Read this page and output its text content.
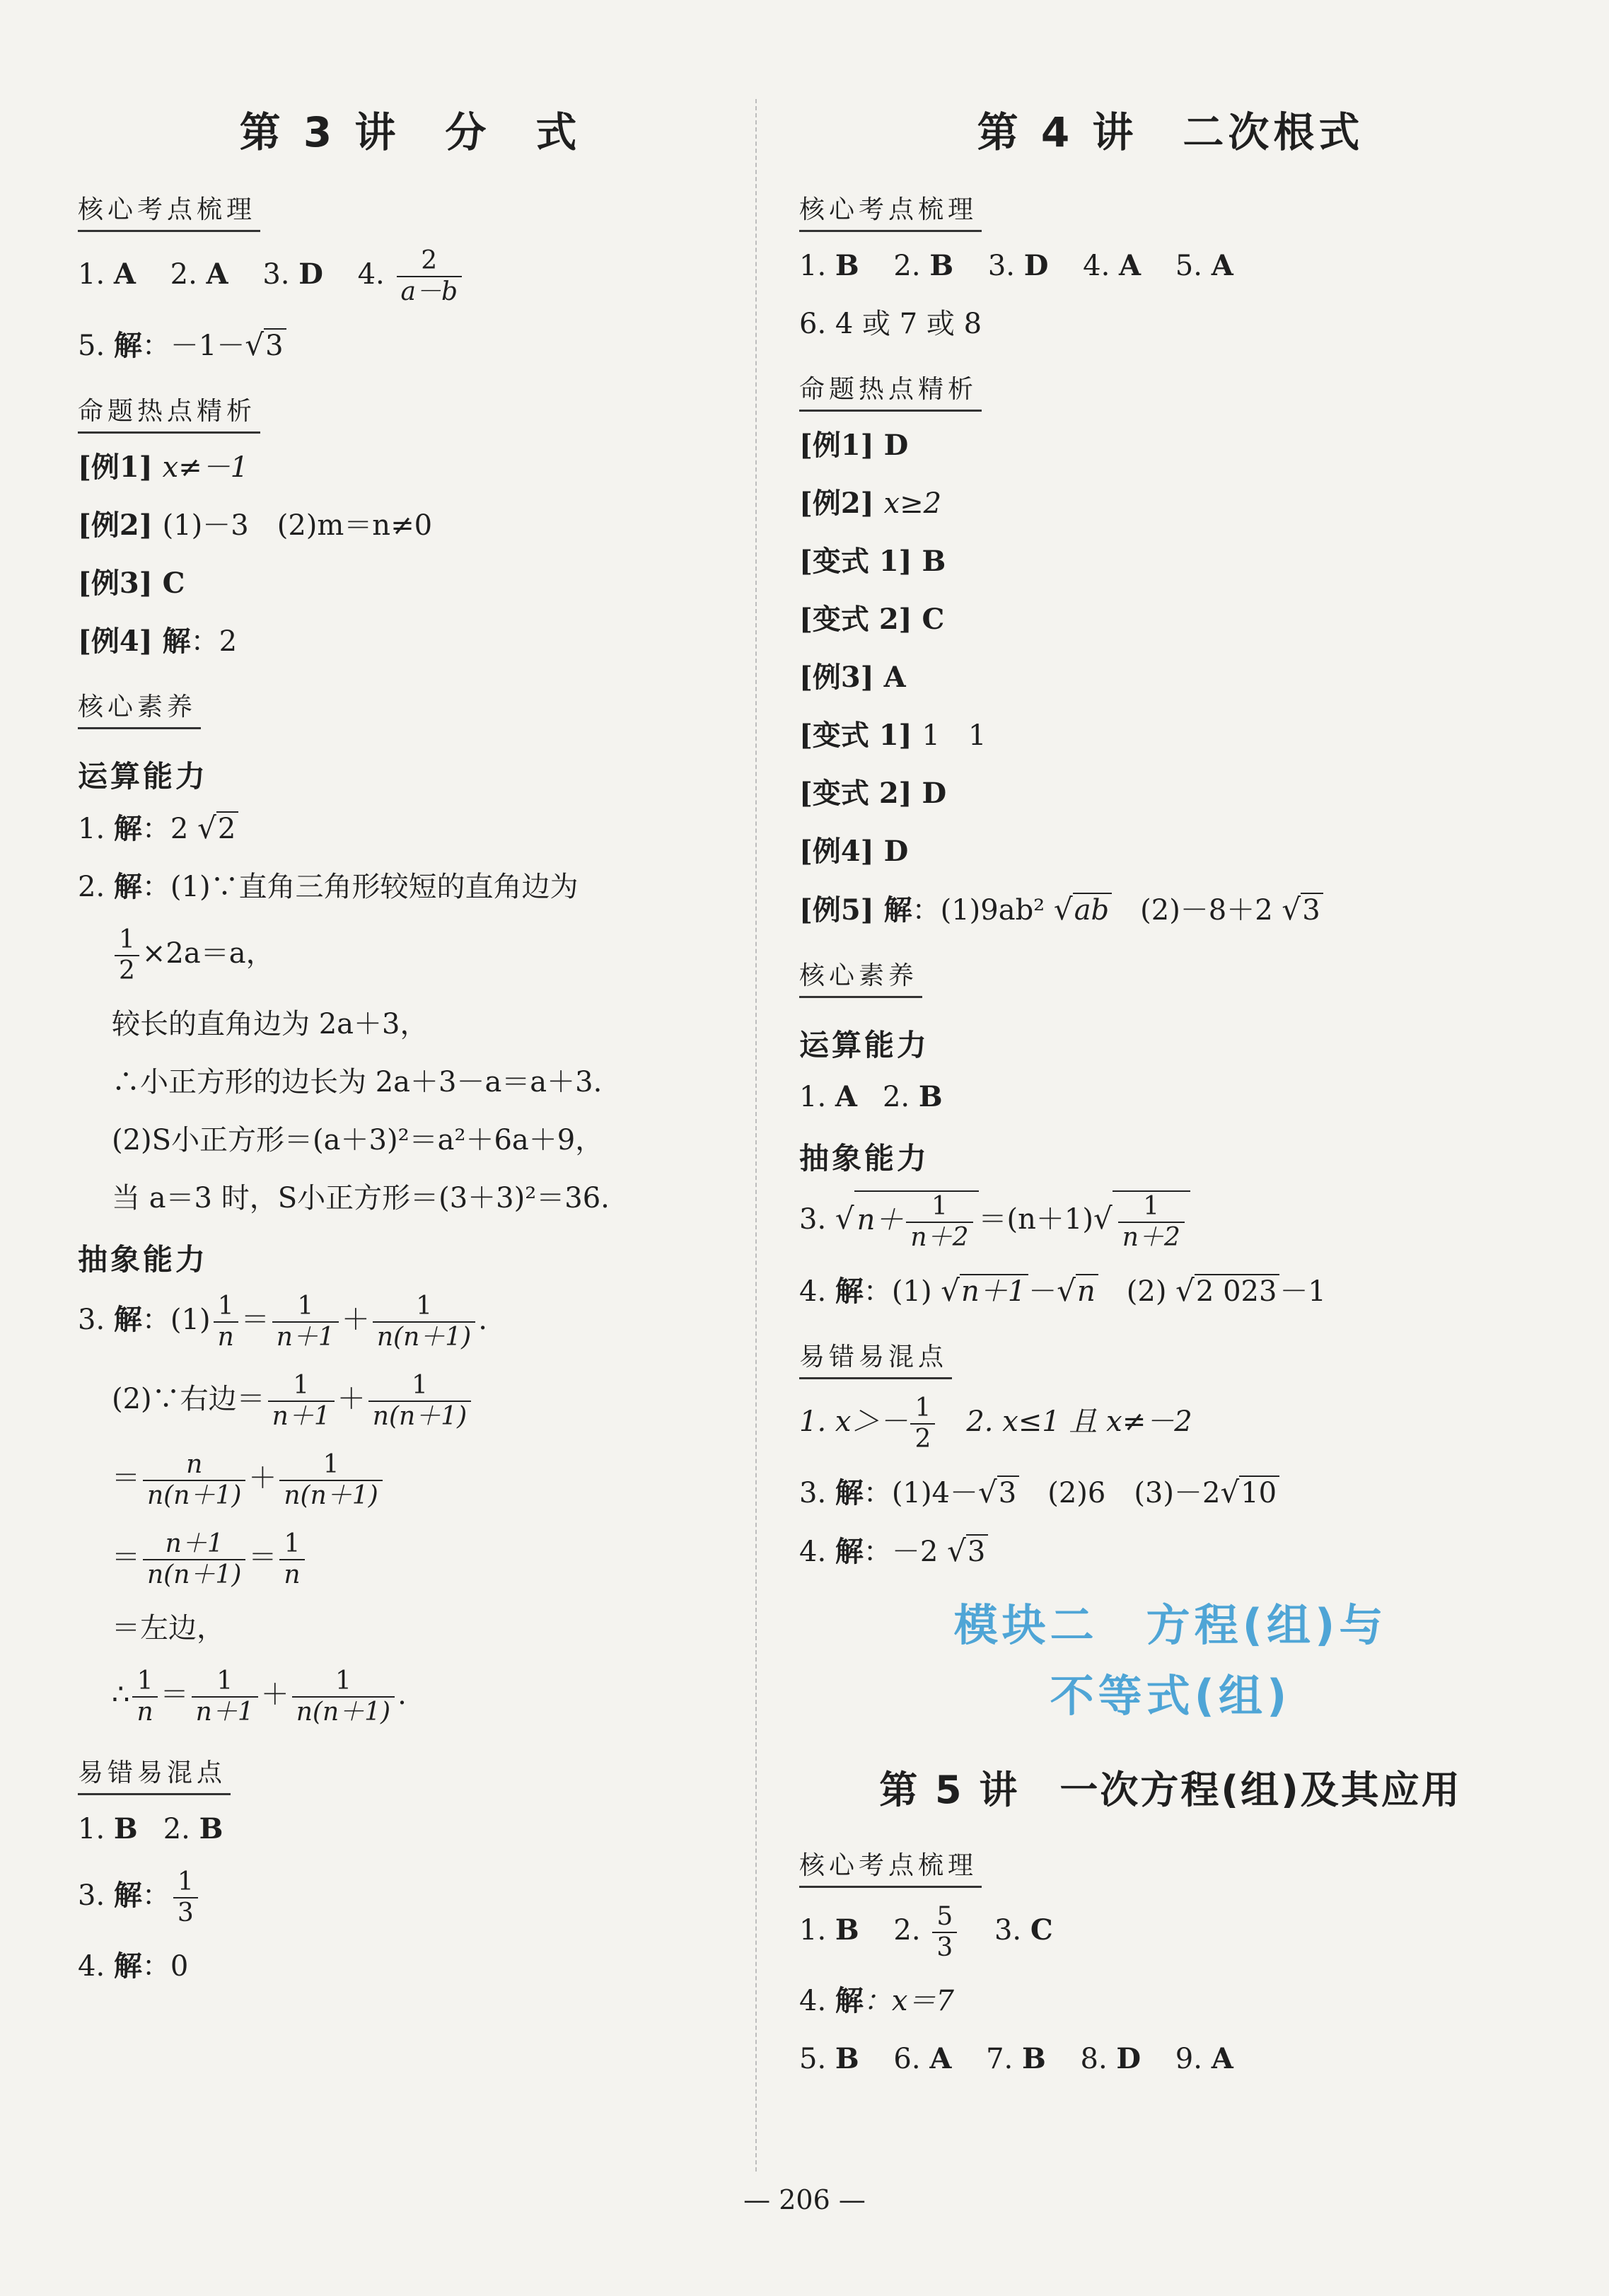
第 3 讲　分　式
核心考点梳理
1. A 2. A 3. D 4. $\frac{2}{a-b}$
5. 解：－1－√3
命题热点精析
[例1] x≠－1
[例2] (1)－3　(2)m＝n≠0
[例3] C
[例4] 解：2
核心素养
运算能力
1. 解：2 √2
2. 解：(1)∵直角三角形较短的直角边为
$\frac{1}{2} \times 2a=a$，
较长的直角边为 2a＋3，
∴小正方形的边长为 2a＋3－a＝a＋3.
(2)S小正方形＝(a＋3)²＝a²＋6a＋9，
当 a＝3 时，S小正方形＝(3＋3)²＝36.
抽象能力
3. 解：$(1) \frac{1}{n} = \frac{1}{n+1} + \frac{1}{n(n+1)}$ .
(2)∵右边＝ $\frac{1}{n+1} + \frac{1}{n(n+1)}$
＝ $\frac{n}{n(n+1)} + \frac{1}{n(n+1)}$
＝ $\frac{n+1}{n(n+1)} = \frac{1}{n}$
＝左边，
∴ $\frac{1}{n} = \frac{1}{n+1} + \frac{1}{n(n+1)}$ .
易错易混点
1. B 2. B
3. 解： $\frac{1}{3}$
4. 解：0
第 4 讲　二次根式
核心考点梳理
1. B 2. B 3. D 4. A 5. A
6. 4 或 7 或 8
命题热点精析
[例1] D
[例2] x≥2
[变式 1] B
[变式 2] C
[例3] A
[变式 1] 1　1
[变式 2] D
[例4] D
[例5] 解：(1)9ab² √ab　(2)－8＋2 √3
核心素养
运算能力
1. A 2. B
抽象能力
3. √ $n+ \frac{1}{n+2} =(n+1)√ \frac{1}{n+2}$
4. 解：(1) √n＋1 －√n　(2) √2 023 －1
易错易混点
1. $x>- \frac{1}{2}$ 　2. x≤1 且 x≠－2
3. 解：(1)4－√3　(2)6　(3)－2√10
4. 解：－2 √3
模块二　方程(组)与
不等式(组)
第 5 讲　一次方程(组)及其应用
核心考点梳理
1. B 2. $\frac{5}{3} 3$. C
4. 解：x＝7
5. B 6. A 7. B 8. D 9. A
— 206 —
